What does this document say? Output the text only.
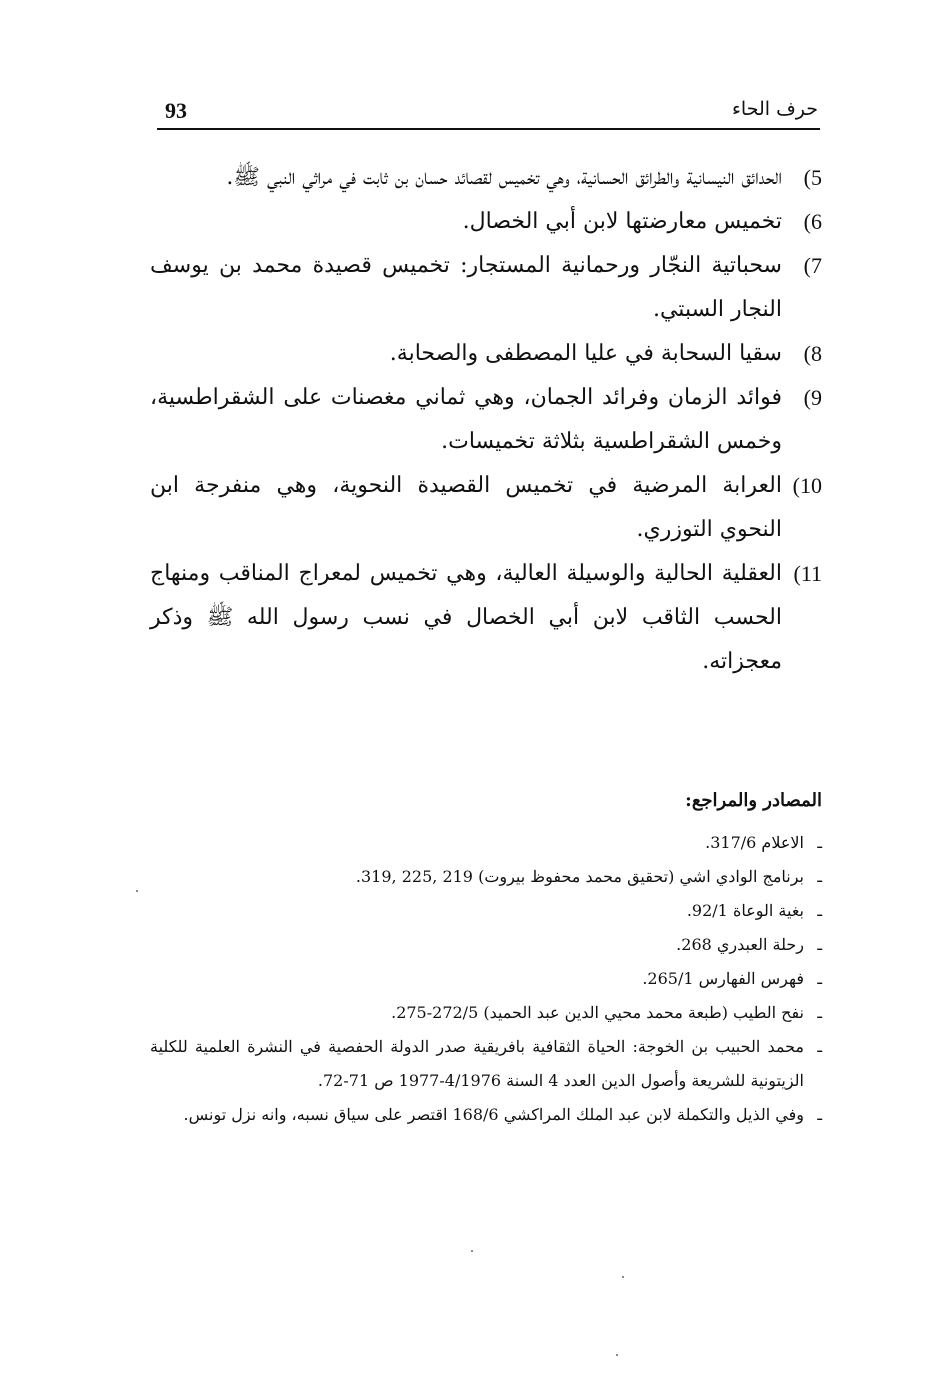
93	حرف الحاء
5)
الحدائق النيسانية والطرائق الحسانية، وهي تخميس لقصائد حسان بن ثابت في مراثي النبي ﷺ.
6)
تخميس معارضتها لابن أبي الخصال.
7)
سحباتية النجّار ورحمانية المستجار: تخميس قصيدة محمد بن يوسف النجار السبتي.
8)
سقيا السحابة في عليا المصطفى والصحابة.
9)
فوائد الزمان وفرائد الجمان، وهي ثماني مغصنات على الشقراطسية، وخمس الشقراطسية بثلاثة تخميسات.
10)
العرابة المرضية في تخميس القصيدة النحوية، وهي منفرجة ابن النحوي التوزري.
11)
العقلية الحالية والوسيلة العالية، وهي تخميس لمعراج المناقب ومنهاج الحسب الثاقب لابن أبي الخصال في نسب رسول الله ﷺ وذكر معجزاته.
المصادر والمراجع:
ـ
الاعلام 317/6.
ـ
برنامج الوادي اشي (تحقيق محمد محفوظ بيروت) 219 ,225 ,319.
ـ
بغية الوعاة 92/1.
ـ
رحلة العبدري 268.
ـ
فهرس الفهارس 265/1.
ـ
نفح الطيب (طبعة محمد محيي الدين عبد الحميد) 272/5-275.
ـ
محمد الحبيب بن الخوجة: الحياة الثقافية بافريقية صدر الدولة الحفصية في النشرة العلمية للكلية الزيتونية للشريعة وأصول الدين العدد 4 السنة 4/1976-1977 ص 71-72.
ـ
وفي الذيل والتكملة لابن عبد الملك المراكشي 168/6 اقتصر على سياق نسبه، وانه نزل تونس.
